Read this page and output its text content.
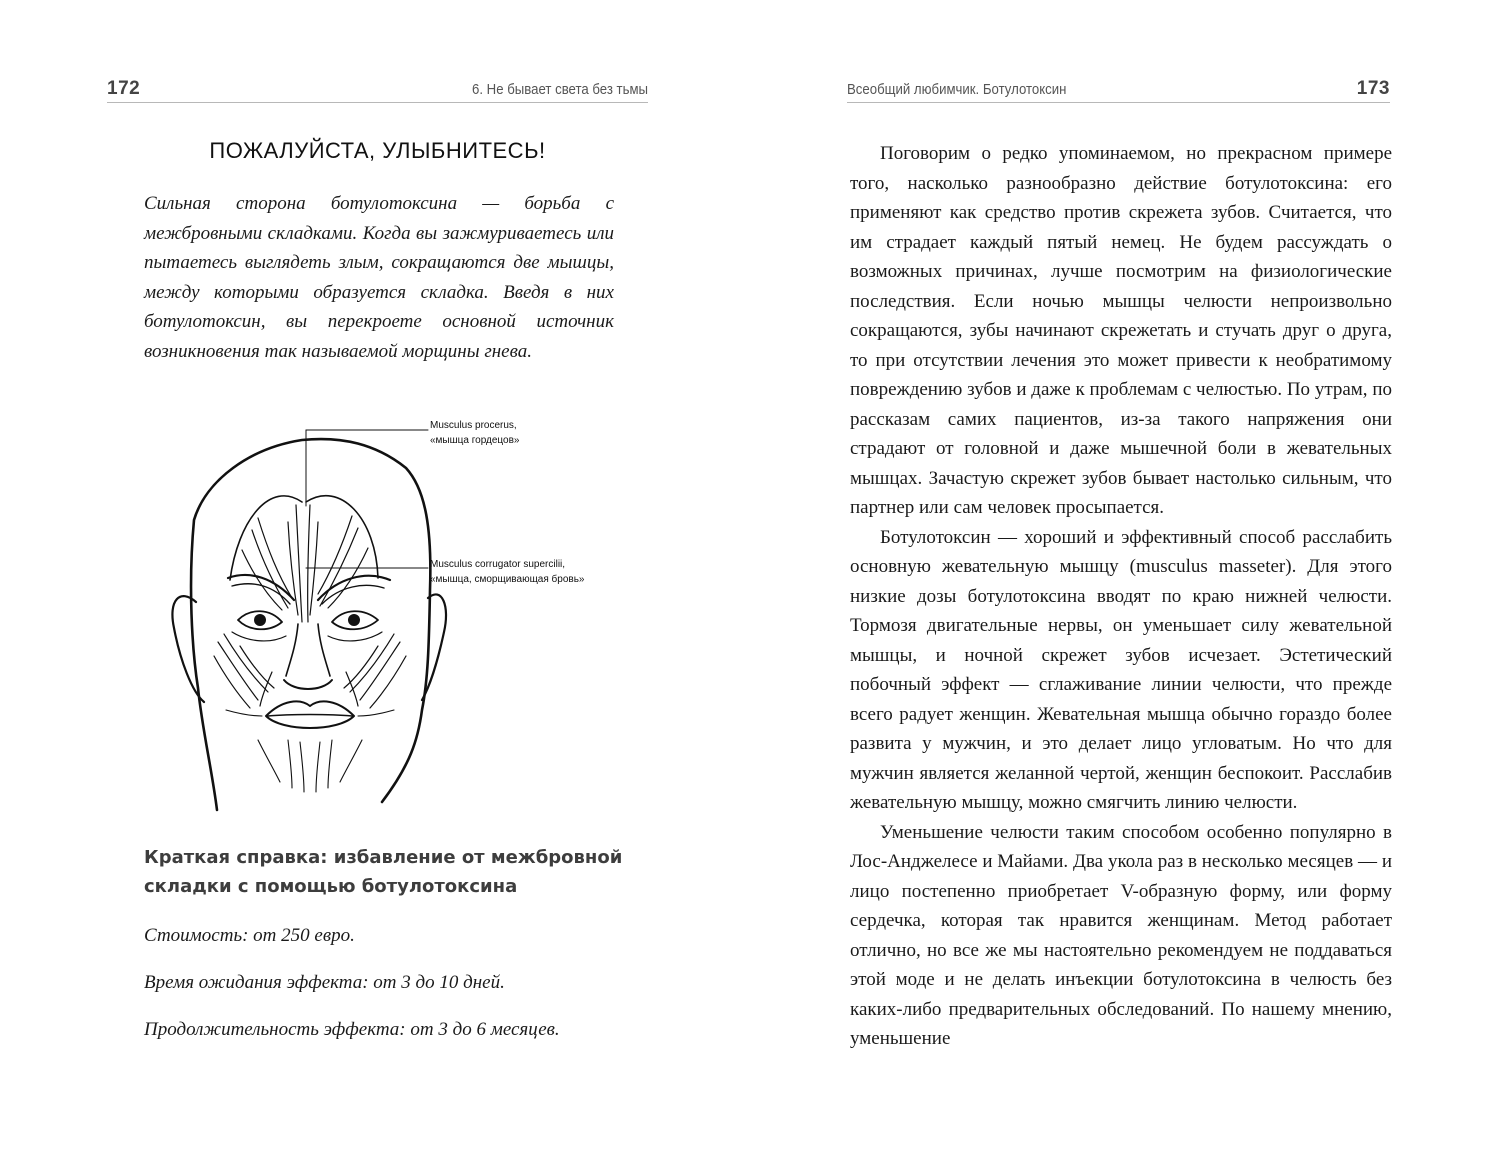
172	6. Не бывает света без тьмы
ПОЖАЛУЙСТА, УЛЫБНИТЕСЬ!
Сильная сторона ботулотоксина — борьба с межбровными складками. Когда вы зажмуриваетесь или пытаетесь выглядеть злым, сокращаются две мышцы, между которыми образуется складка. Введя в них ботулотоксин, вы перекроете основной источник возникновения так называемой морщины гнева.
Musculus procerus,
«мышца гордецов»
Musculus corrugator supercilii,
«мышца, сморщивающая бровь»
Краткая справка: избавление от межбровной складки с помощью ботулотоксина
Стоимость: от 250 евро.
Время ожидания эффекта: от 3 до 10 дней.
Продолжительность эффекта: от 3 до 6 месяцев.
Всеобщий любимчик. Ботулотоксин	173

Поговорим о редко упоминаемом, но прекрасном примере того, насколько разнообразно действие ботулотоксина: его применяют как средство против скрежета зубов. Считается, что им страдает каждый пятый немец. Не будем рассуждать о возможных причинах, лучше посмотрим на физиологические последствия. Если ночью мышцы челюсти непроизвольно сокращаются, зубы начинают скрежетать и стучать друг о друга, то при отсутствии лечения это может привести к необратимому повреждению зубов и даже к проблемам с челюстью. По утрам, по рассказам самих пациентов, из-за такого напряжения они страдают от головной и даже мышечной боли в жевательных мышцах. Зачастую скрежет зубов бывает настолько сильным, что партнер или сам человек просыпается.

Ботулотоксин — хороший и эффективный способ расслабить основную жевательную мышцу (musculus masseter). Для этого низкие дозы ботулотоксина вводят по краю нижней челюсти. Тормозя двигательные нервы, он уменьшает силу жевательной мышцы, и ночной скрежет зубов исчезает. Эстетический побочный эффект — сглаживание линии челюсти, что прежде всего радует женщин. Жевательная мышца обычно гораздо более развита у мужчин, и это делает лицо угловатым. Но что для мужчин является желанной чертой, женщин беспокоит. Расслабив жевательную мышцу, можно смягчить линию челюсти.

Уменьшение челюсти таким способом особенно популярно в Лос-Анджелесе и Майами. Два укола раз в несколько месяцев — и лицо постепенно приобретает V-образную форму, или форму сердечка, которая так нравится женщинам. Метод работает отлично, но все же мы настоятельно рекомендуем не поддаваться этой моде и не делать инъекции ботулотоксина в челюсть без каких-либо предварительных обследований. По нашему мнению, уменьшение
